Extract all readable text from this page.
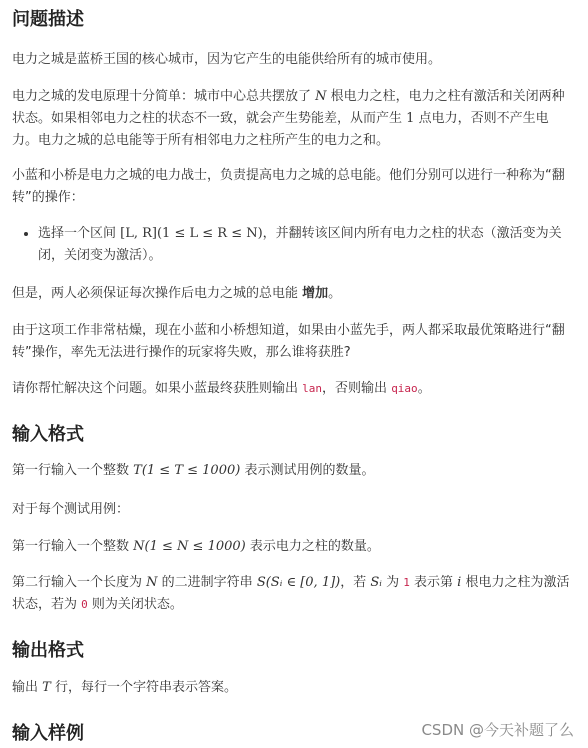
问题描述

电力之城是蓝桥王国的核心城市，因为它产生的电能供给所有的城市使用。

电力之城的发电原理十分简单：城市中心总共摆放了 N 根电力之柱，电力之柱有激活和关闭两种状态。如果相邻电力之柱的状态不一致，就会产生势能差，从而产生 1 点电力，否则不产生电力。电力之城的总电能等于所有相邻电力之柱所产生的电力之和。

小蓝和小桥是电力之城的电力战士，负责提高电力之城的总电能。他们分别可以进行一种称为“翻转”的操作：

• 选择一个区间 [L, R](1 ≤ L ≤ R ≤ N)，并翻转该区间内所有电力之柱的状态（激活变为关闭，关闭变为激活）。

但是，两人必须保证每次操作后电力之城的总电能 增加。

由于这项工作非常枯燥，现在小蓝和小桥想知道，如果由小蓝先手，两人都采取最优策略进行“翻转”操作，率先无法进行操作的玩家将失败，那么谁将获胜?

请你帮忙解决这个问题。如果小蓝最终获胜则输出 lan，否则输出 qiao。

输入格式

第一行输入一个整数 T(1 ≤ T ≤ 1000) 表示测试用例的数量。

对于每个测试用例：

第一行输入一个整数 N(1 ≤ N ≤ 1000) 表示电力之柱的数量。

第二行输入一个长度为 N 的二进制字符串 S(Sᵢ ∈ [0, 1])，若 Sᵢ 为 1 表示第 i 根电力之柱为激活状态，若为 0 则为关闭状态。

输出格式

输出 T 行，每行一个字符串表示答案。

输入样例	CSDN @今天补题了么
